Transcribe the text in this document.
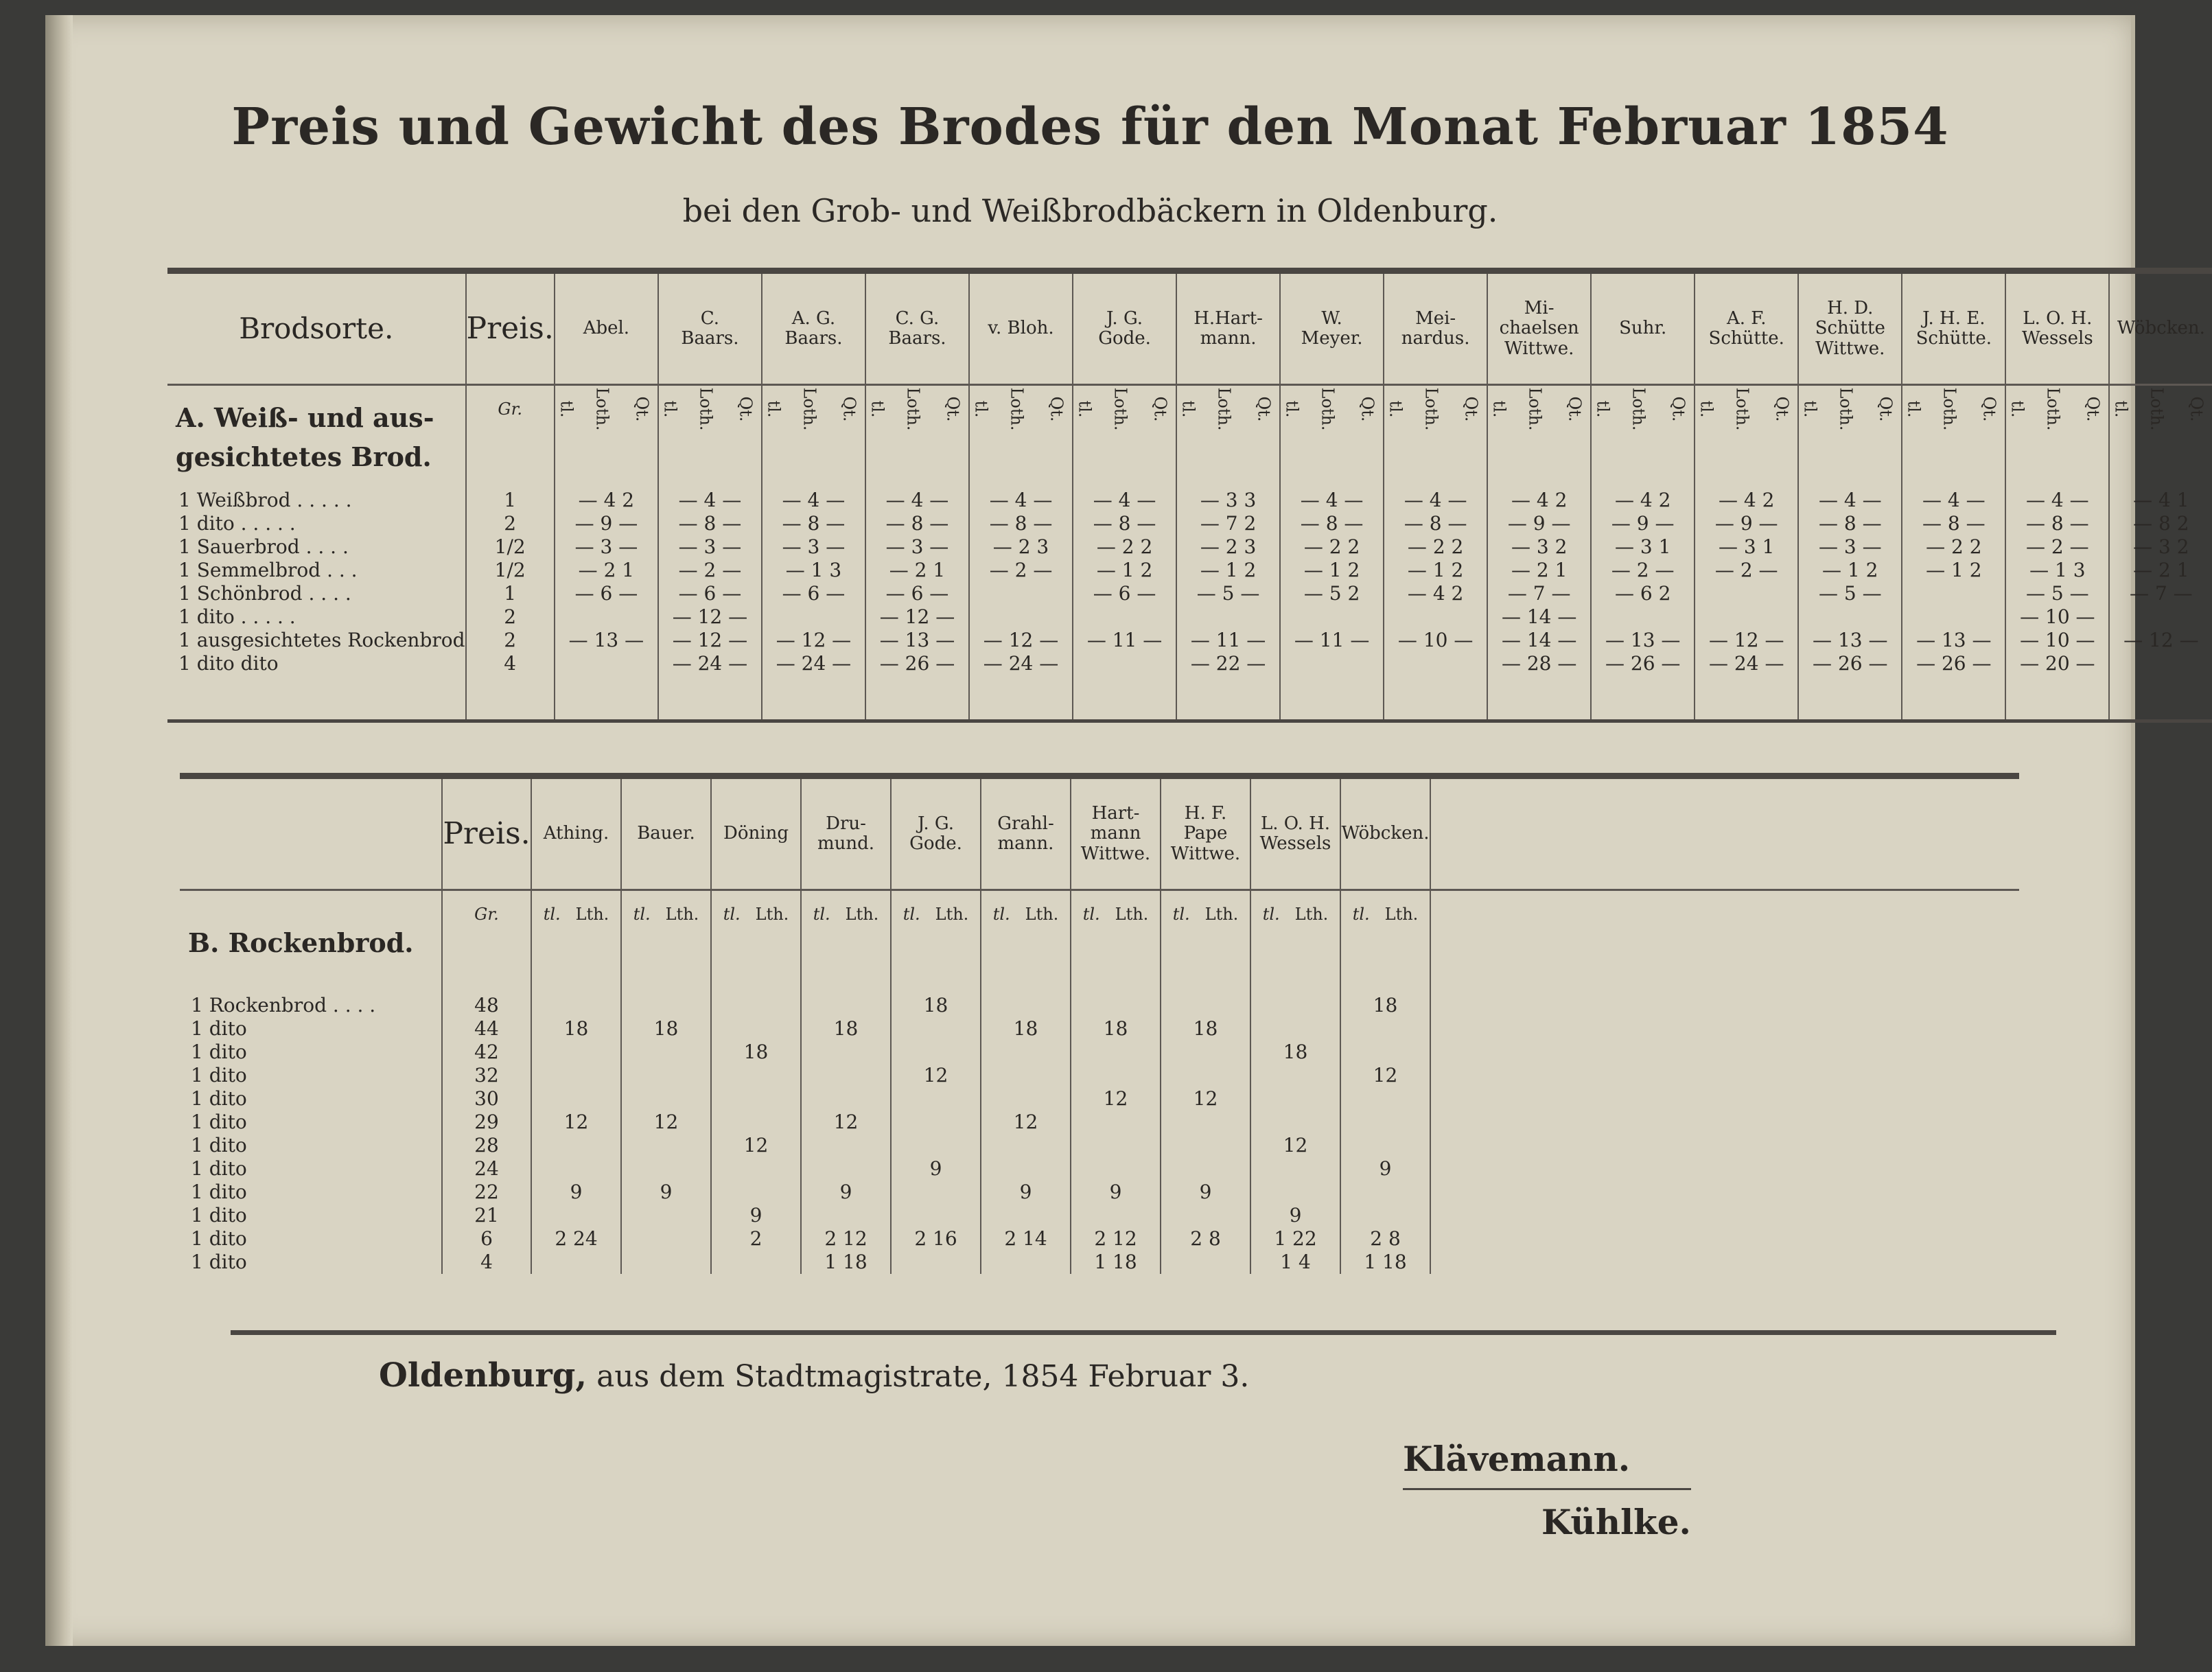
Preis und Gewicht des Brodes für den Monat Februar 1854
bei den Grob- und Weißbrodbäckern in Oldenburg.
Brodsorte.	Preis.	Abel.	C.
Baars.	A. G.
Baars.	C. G.
Baars.	v. Bloh.	J. G.
Gode.	H.Hart-
mann.	W.
Meyer.	Mei-
nardus.	Mi-
chaelsen
Wittwe.	Suhr.	A. F.
Schütte.	H. D.
Schütte
Wittwe.	J. H. E.
Schütte.	L. O. H.
Wessels	Wöbcken.

A. Weiß- und aus-
gesichtetes Brod.	Gr.	tl. Loth. Qt.	tl. Loth. Qt.	tl. Loth. Qt.	tl. Loth. Qt.	tl. Loth. Qt.	tl. Loth. Qt.	tl. Loth. Qt.	tl. Loth. Qt.	tl. Loth. Qt.	tl. Loth. Qt.	tl. Loth. Qt.	tl. Loth. Qt.	tl. Loth. Qt.	tl. Loth. Qt.	tl. Loth. Qt.	tl. Loth. Qt.
1 Weißbrod . . . . .	1	— 4 2	— 4 —	— 4 —	— 4 —	— 4 —	— 4 —	— 3 3	— 4 —	— 4 —	— 4 2	— 4 2	— 4 2	— 4 —	— 4 —	— 4 —	— 4 1
1 dito . . . . .	2	— 9 —	— 8 —	— 8 —	— 8 —	— 8 —	— 8 —	— 7 2	— 8 —	— 8 —	— 9 —	— 9 —	— 9 —	— 8 —	— 8 —	— 8 —	— 8 2
1 Sauerbrod . . . .	1/2	— 3 —	— 3 —	— 3 —	— 3 —	— 2 3	— 2 2	— 2 3	— 2 2	— 2 2	— 3 2	— 3 1	— 3 1	— 3 —	— 2 2	— 2 —	— 3 2
1 Semmelbrod . . .	1/2	— 2 1	— 2 —	— 1 3	— 2 1	— 2 —	— 1 2	— 1 2	— 1 2	— 1 2	— 2 1	— 2 —	— 2 —	— 1 2	— 1 2	— 1 3	— 2 1
1 Schönbrod . . . .	1	— 6 —	— 6 —	— 6 —	— 6 —		— 6 —	— 5 —	— 5 2	— 4 2	— 7 —	— 6 2		— 5 —		— 5 —	— 7 —
1 dito . . . . .	2		— 12 —		— 12 —						— 14 —					— 10 —	
1 ausgesichtetes Rockenbrod	2	— 13 —	— 12 —	— 12 —	— 13 —	— 12 —	— 11 —	— 11 —	— 11 —	— 10 —	— 14 —	— 13 —	— 12 —	— 13 —	— 13 —	— 10 —	— 12 —
1 dito dito	4		— 24 —	— 24 —	— 26 —	— 24 —		— 22 —			— 28 —	— 26 —	— 24 —	— 26 —	— 26 —	— 20 —	

	Preis.	Athing.	Bauer.	Döning	Dru-
mund.	J. G.
Gode.	Grahl-
mann.	Hart-
mann
Wittwe.	H. F.
Pape
Wittwe.	L. O. H.
Wessels	Wöbcken.	

B. Rockenbrod.	Gr.	tl. Lth.	tl. Lth.	tl. Lth.	tl. Lth.	tl. Lth.	tl. Lth.	tl. Lth.	tl. Lth.	tl. Lth.	tl. Lth.	
1 Rockenbrod . . . .	48					18					18	
1 dito	44	18	18		18		18	18	18			
1 dito	42			18						18		
1 dito	32					12					12	
1 dito	30							12	12			
1 dito	29	12	12		12		12					
1 dito	28			12						12		
1 dito	24					9					9	
1 dito	22	9	9		9		9	9	9			
1 dito	21			9						9		
1 dito	6	2 24		2	2 12	2 16	2 14	2 12	2 8	1 22	2 8	
1 dito	4				1 18			1 18		1 4	1 18	
Oldenburg, aus dem Stadtmagistrate, 1854 Februar 3.
Klävemann.
Kühlke.
